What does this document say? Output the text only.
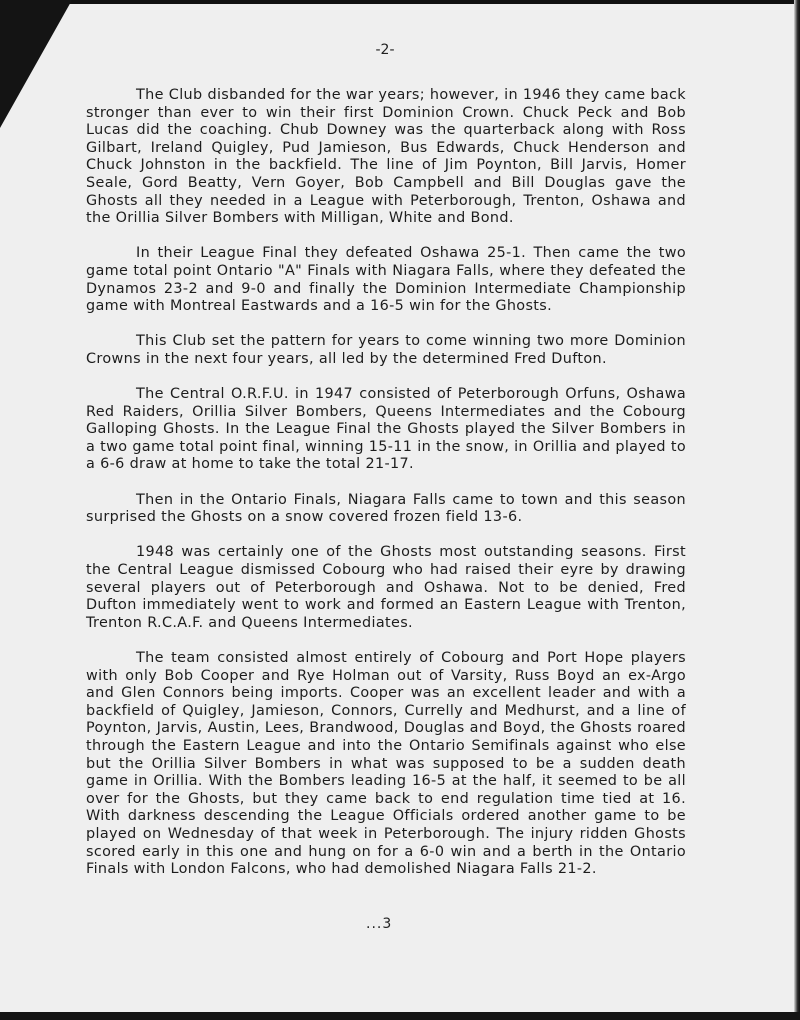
-2-

The Club disbanded for the war years; however, in 1946 they came back stronger than ever to win their first Dominion Crown. Chuck Peck and Bob Lucas did the coaching. Chub Downey was the quarterback along with Ross Gilbart, Ireland Quigley, Pud Jamieson, Bus Edwards, Chuck Henderson and Chuck Johnston in the backfield. The line of Jim Poynton, Bill Jarvis, Homer Seale, Gord Beatty, Vern Goyer, Bob Campbell and Bill Douglas gave the Ghosts all they needed in a League with Peterborough, Trenton, Oshawa and the Orillia Silver Bombers with Milligan, White and Bond.

In their League Final they defeated Oshawa 25-1. Then came the two game total point Ontario "A" Finals with Niagara Falls, where they defeated the Dynamos 23-2 and 9-0 and finally the Dominion Intermediate Championship game with Montreal Eastwards and a 16-5 win for the Ghosts.

This Club set the pattern for years to come winning two more Dominion Crowns in the next four years, all led by the determined Fred Dufton.

The Central O.R.F.U. in 1947 consisted of Peterborough Orfuns, Oshawa Red Raiders, Orillia Silver Bombers, Queens Intermediates and the Cobourg Galloping Ghosts. In the League Final the Ghosts played the Silver Bombers in a two game total point final, winning 15-11 in the snow, in Orillia and played to a 6-6 draw at home to take the total 21-17.

Then in the Ontario Finals, Niagara Falls came to town and this season surprised the Ghosts on a snow covered frozen field 13-6.

1948 was certainly one of the Ghosts most outstanding seasons. First the Central League dismissed Cobourg who had raised their eyre by drawing several players out of Peterborough and Oshawa. Not to be denied, Fred Dufton immediately went to work and formed an Eastern League with Trenton, Trenton R.C.A.F. and Queens Intermediates.

The team consisted almost entirely of Cobourg and Port Hope players with only Bob Cooper and Rye Holman out of Varsity, Russ Boyd an ex-Argo and Glen Connors being imports. Cooper was an excellent leader and with a backfield of Quigley, Jamieson, Connors, Currelly and Medhurst, and a line of Poynton, Jarvis, Austin, Lees, Brandwood, Douglas and Boyd, the Ghosts roared through the Eastern League and into the Ontario Semifinals against who else but the Orillia Silver Bombers in what was supposed to be a sudden death game in Orillia. With the Bombers leading 16-5 at the half, it seemed to be all over for the Ghosts, but they came back to end regulation time tied at 16. With darkness descending the League Officials ordered another game to be played on Wednesday of that week in Peterborough. The injury ridden Ghosts scored early in this one and hung on for a 6-0 win and a berth in the Ontario Finals with London Falcons, who had demolished Niagara Falls 21-2.

...3
